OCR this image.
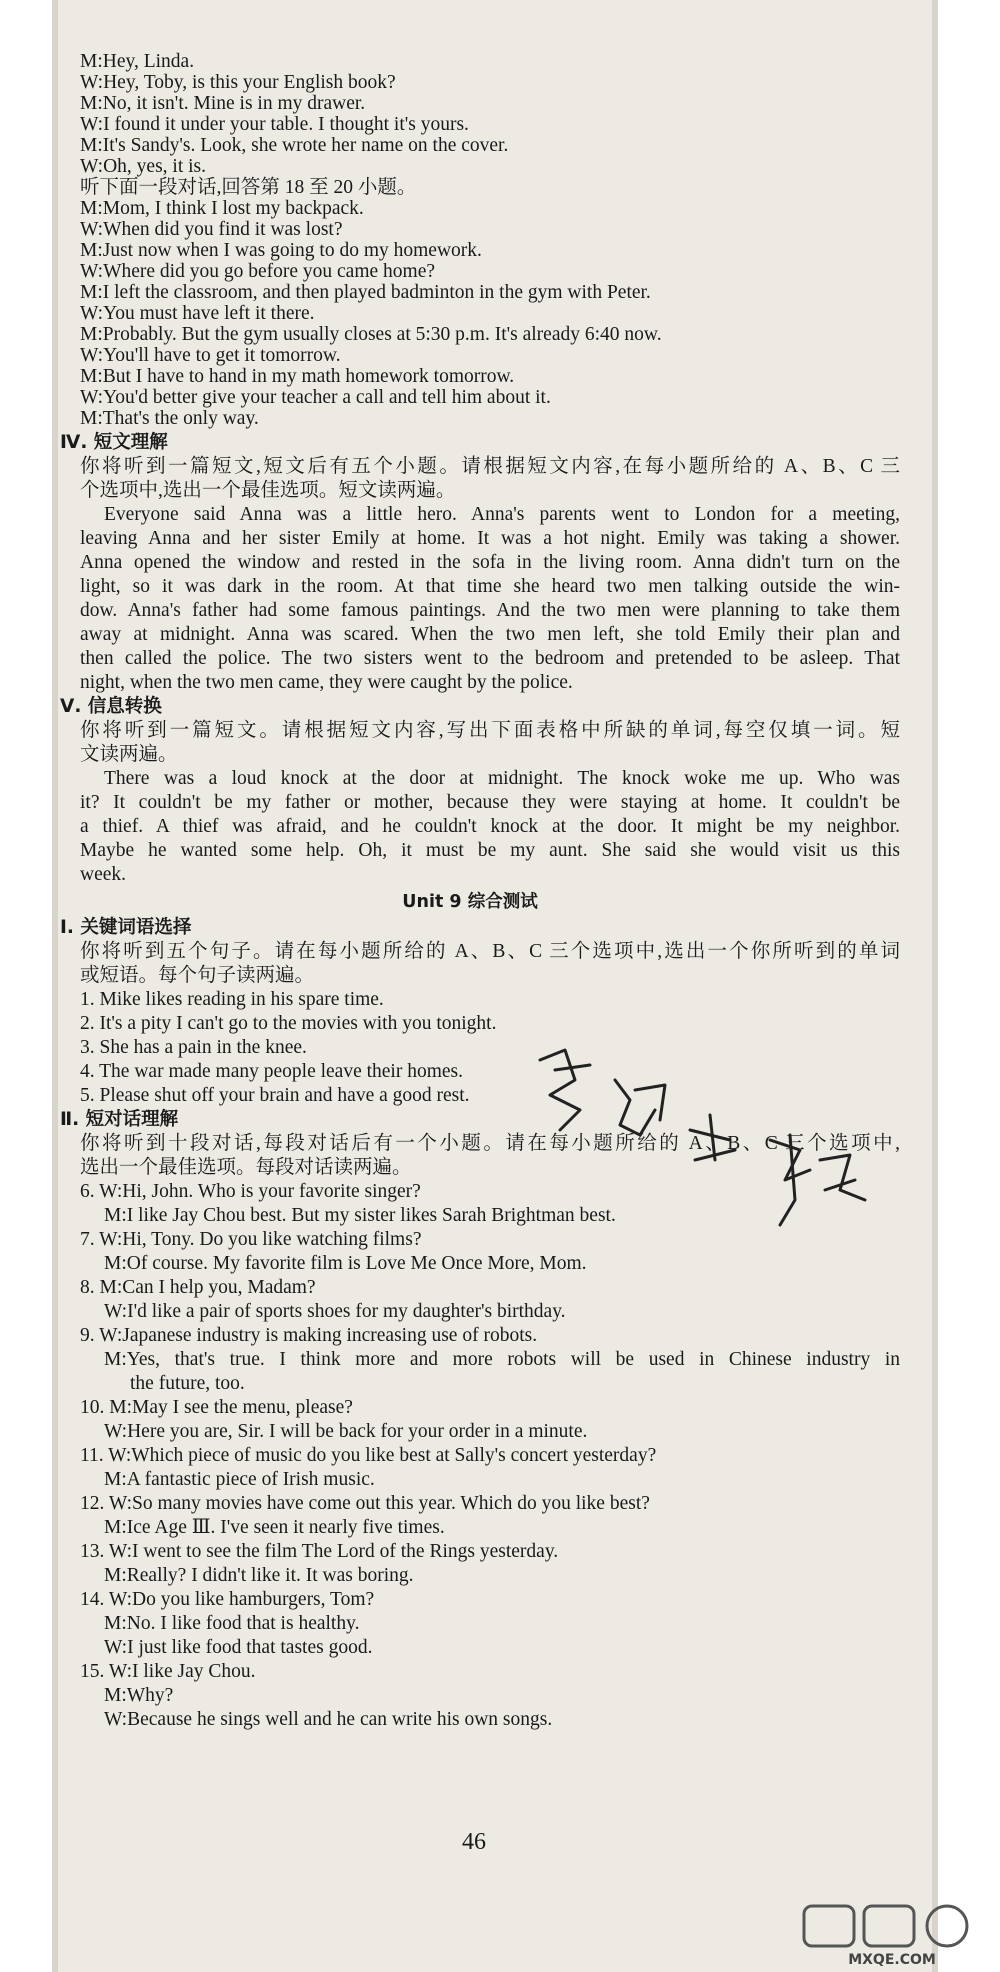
M:Hey, Linda.
W:Hey, Toby, is this your English book?
M:No, it isn't. Mine is in my drawer.
W:I found it under your table. I thought it's yours.
M:It's Sandy's. Look, she wrote her name on the cover.
W:Oh, yes, it is.
听下面一段对话,回答第 18 至 20 小题。
M:Mom, I think I lost my backpack.
W:When did you find it was lost?
M:Just now when I was going to do my homework.
W:Where did you go before you came home?
M:I left the classroom, and then played badminton in the gym with Peter.
W:You must have left it there.
M:Probably. But the gym usually closes at 5:30 p.m. It's already 6:40 now.
W:You'll have to get it tomorrow.
M:But I have to hand in my math homework tomorrow.
W:You'd better give your teacher a call and tell him about it.
M:That's the only way.
Ⅳ. 短文理解
你将听到一篇短文,短文后有五个小题。请根据短文内容,在每小题所给的 A、B、C 三
个选项中,选出一个最佳选项。短文读两遍。
Everyone said Anna was a little hero. Anna's parents went to London for a meeting,
leaving Anna and her sister Emily at home. It was a hot night. Emily was taking a shower.
Anna opened the window and rested in the sofa in the living room. Anna didn't turn on the
light, so it was dark in the room. At that time she heard two men talking outside the win-
dow. Anna's father had some famous paintings. And the two men were planning to take them
away at midnight. Anna was scared. When the two men left, she told Emily their plan and
then called the police. The two sisters went to the bedroom and pretended to be asleep. That
night, when the two men came, they were caught by the police.
Ⅴ. 信息转换
你将听到一篇短文。请根据短文内容,写出下面表格中所缺的单词,每空仅填一词。短
文读两遍。
There was a loud knock at the door at midnight. The knock woke me up. Who was
it? It couldn't be my father or mother, because they were staying at home. It couldn't be
a thief. A thief was afraid, and he couldn't knock at the door. It might be my neighbor.
Maybe he wanted some help. Oh, it must be my aunt. She said she would visit us this
week.
Unit 9 综合测试
Ⅰ. 关键词语选择
你将听到五个句子。请在每小题所给的 A、B、C 三个选项中,选出一个你所听到的单词
或短语。每个句子读两遍。
1. Mike likes reading in his spare time.
2. It's a pity I can't go to the movies with you tonight.
3. She has a pain in the knee.
4. The war made many people leave their homes.
5. Please shut off your brain and have a good rest.
Ⅱ. 短对话理解
你将听到十段对话,每段对话后有一个小题。请在每小题所给的 A、B、C 三个选项中,
选出一个最佳选项。每段对话读两遍。
6. W:Hi, John. Who is your favorite singer?
M:I like Jay Chou best. But my sister likes Sarah Brightman best.
7. W:Hi, Tony. Do you like watching films?
M:Of course. My favorite film is Love Me Once More, Mom.
8. M:Can I help you, Madam?
W:I'd like a pair of sports shoes for my daughter's birthday.
9. W:Japanese industry is making increasing use of robots.
M:Yes, that's true. I think more and more robots will be used in Chinese industry in
the future, too.
10. M:May I see the menu, please?
W:Here you are, Sir. I will be back for your order in a minute.
11. W:Which piece of music do you like best at Sally's concert yesterday?
M:A fantastic piece of Irish music.
12. W:So many movies have come out this year. Which do you like best?
M:Ice Age Ⅲ. I've seen it nearly five times.
13. W:I went to see the film The Lord of the Rings yesterday.
M:Really? I didn't like it. It was boring.
14. W:Do you like hamburgers, Tom?
M:No. I like food that is healthy.
W:I just like food that tastes good.
15. W:I like Jay Chou.
M:Why?
W:Because he sings well and he can write his own songs.
46
MXQE.COM
